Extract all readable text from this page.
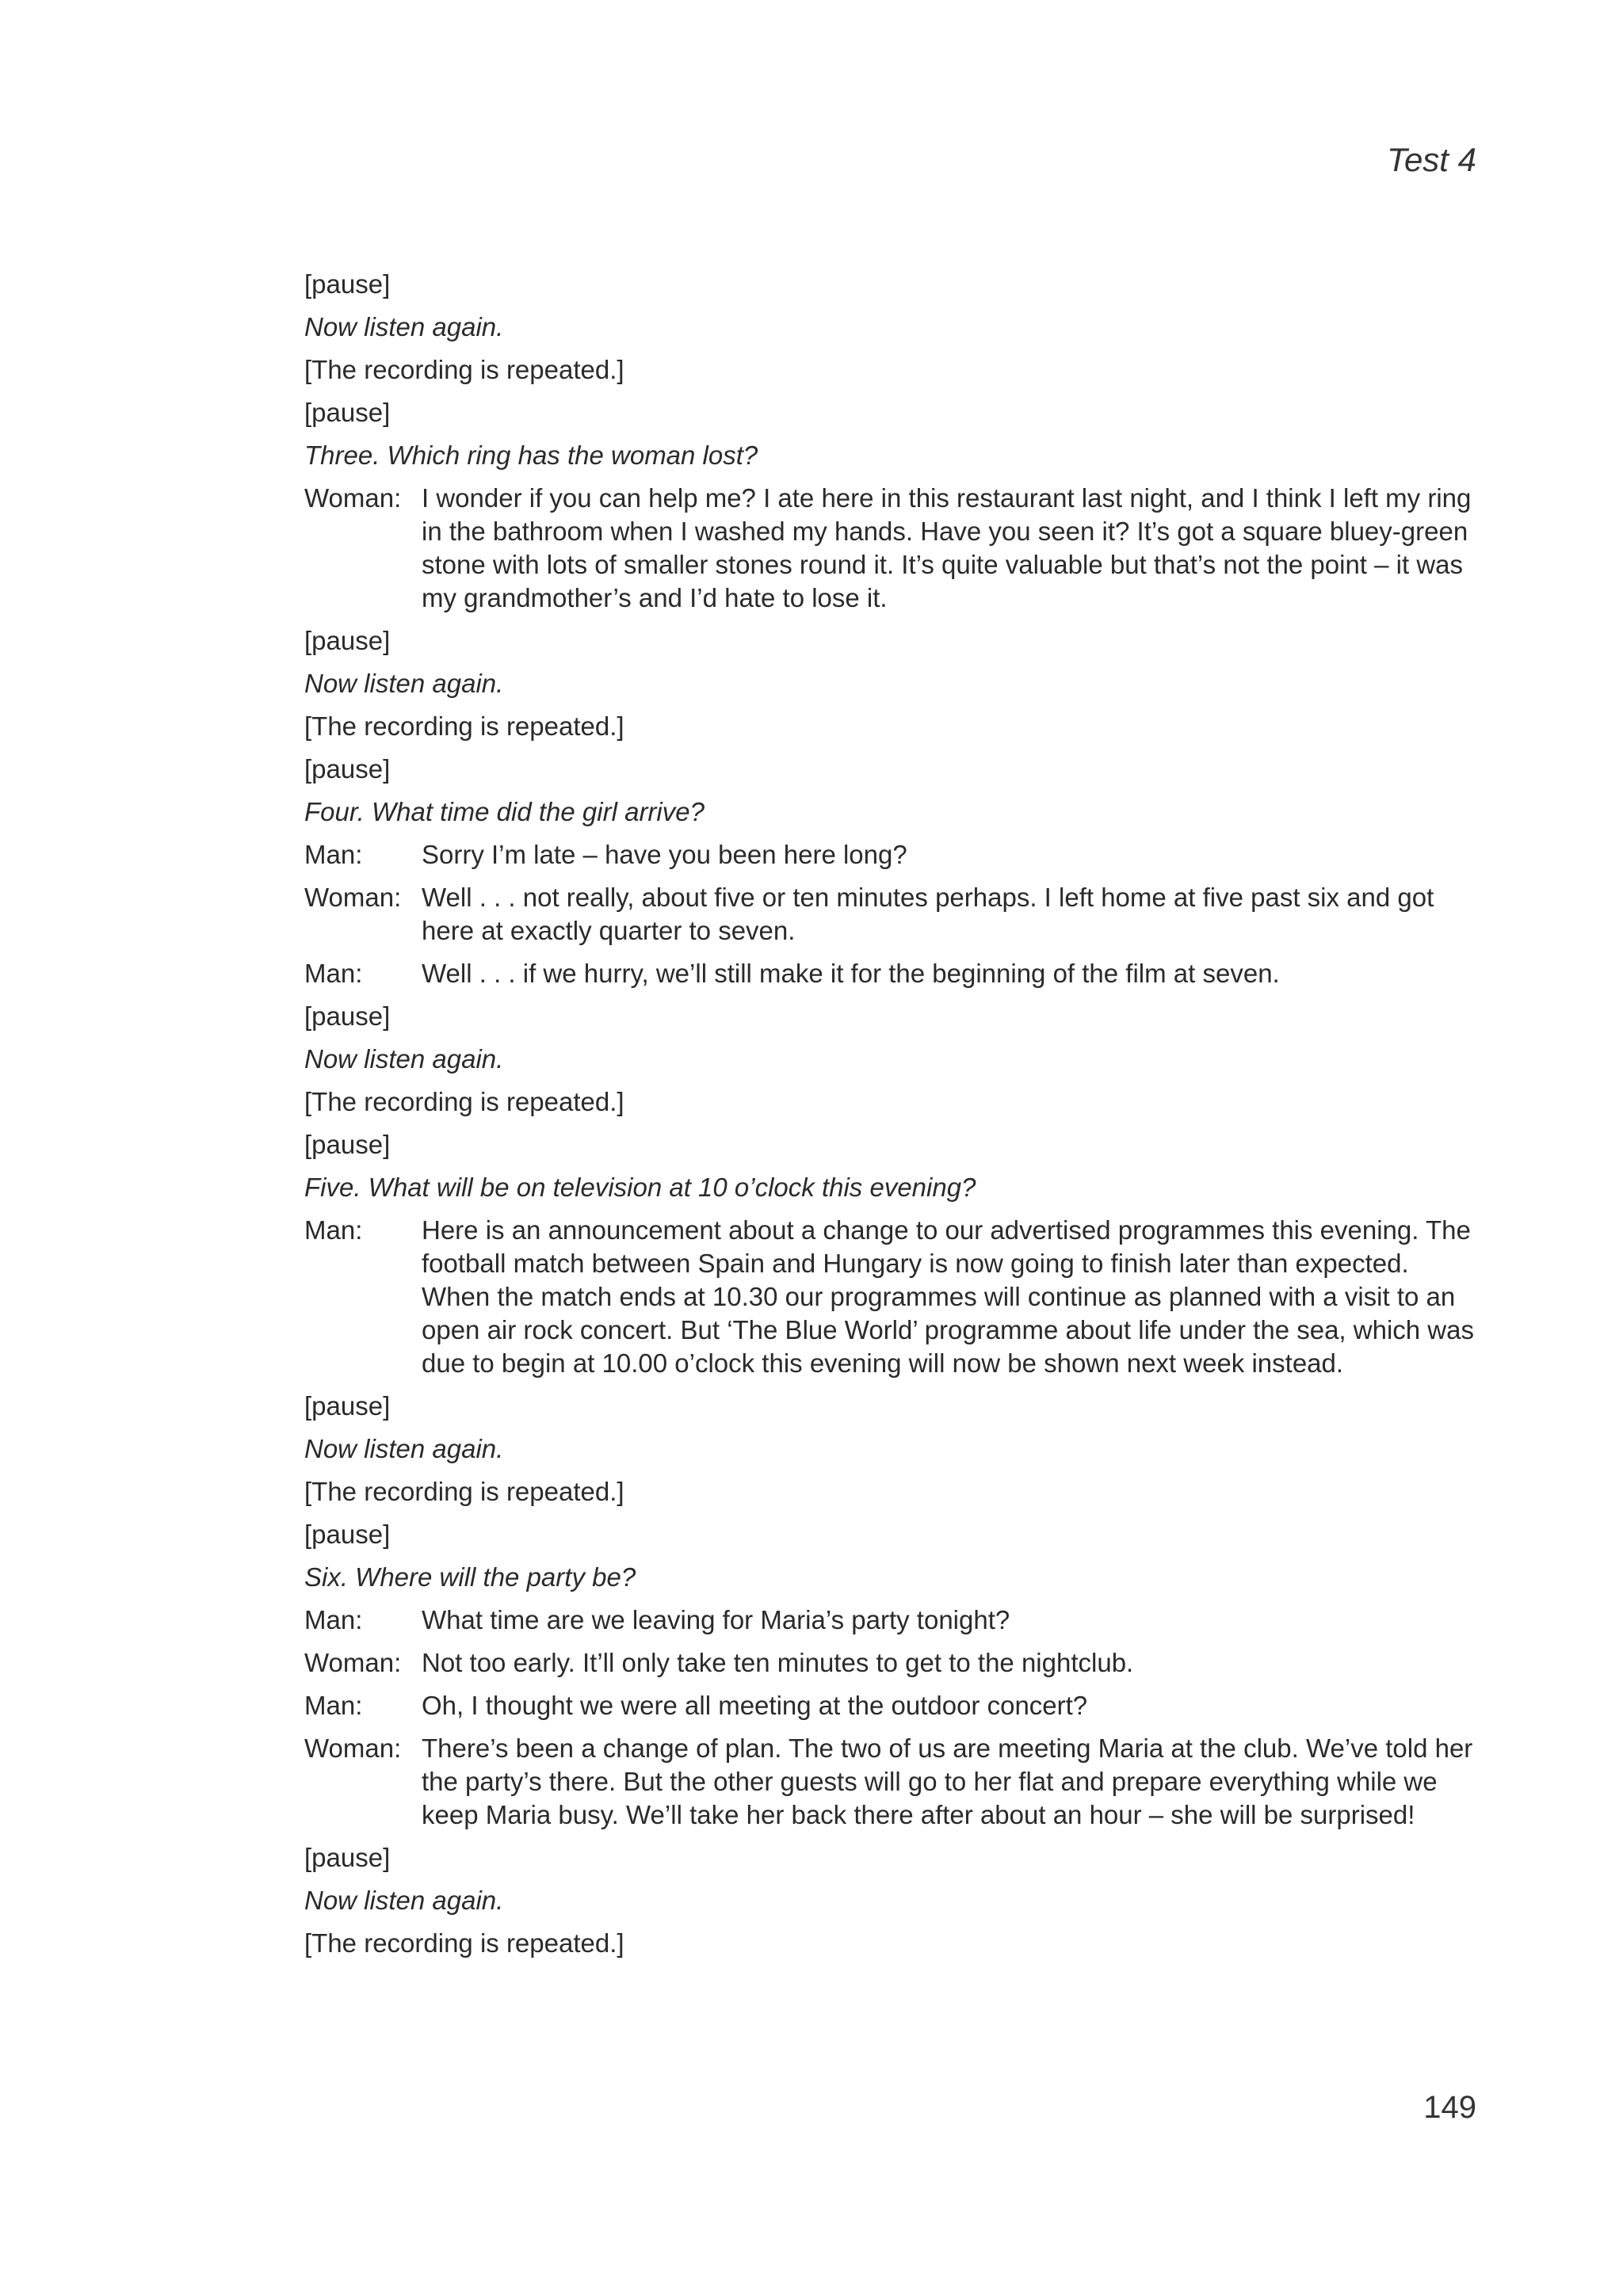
Test 4
[pause]
Now listen again.
[The recording is repeated.]
[pause]
Three. Which ring has the woman lost?
Woman: I wonder if you can help me? I ate here in this restaurant last night, and I think I left my ring in the bathroom when I washed my hands. Have you seen it? It’s got a square bluey-green stone with lots of smaller stones round it. It’s quite valuable but that’s not the point – it was my grandmother’s and I’d hate to lose it.
[pause]
Now listen again.
[The recording is repeated.]
[pause]
Four. What time did the girl arrive?
Man:	Sorry I’m late – have you been here long?
Woman: Well . . . not really, about five or ten minutes perhaps. I left home at five past six and got here at exactly quarter to seven.
Man:	Well . . . if we hurry, we’ll still make it for the beginning of the film at seven.
[pause]
Now listen again.
[The recording is repeated.]
[pause]
Five. What will be on television at 10 o’clock this evening?
Man:	Here is an announcement about a change to our advertised programmes this evening. The football match between Spain and Hungary is now going to finish later than expected. When the match ends at 10.30 our programmes will continue as planned with a visit to an open air rock concert. But ‘The Blue World’ programme about life under the sea, which was due to begin at 10.00 o’clock this evening will now be shown next week instead.
[pause]
Now listen again.
[The recording is repeated.]
[pause]
Six. Where will the party be?
Man:	What time are we leaving for Maria’s party tonight?
Woman: Not too early. It’ll only take ten minutes to get to the nightclub.
Man:	Oh, I thought we were all meeting at the outdoor concert?
Woman: There’s been a change of plan. The two of us are meeting Maria at the club. We’ve told her the party’s there. But the other guests will go to her flat and prepare everything while we keep Maria busy. We’ll take her back there after about an hour – she will be surprised!
[pause]
Now listen again.
[The recording is repeated.]
149
